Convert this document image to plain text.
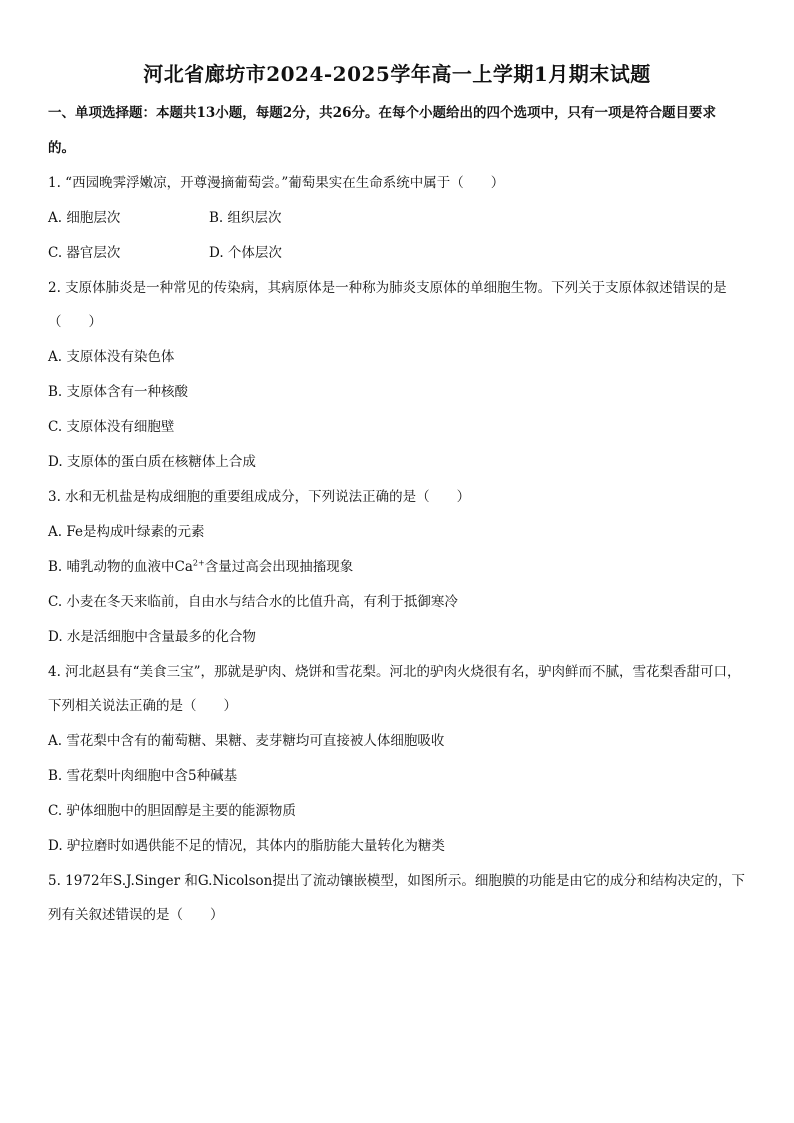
河北省廊坊市2024-2025学年高一上学期1月期末试题
一、单项选择题：本题共13小题，每题2分，共26分。在每个小题给出的四个选项中，只有一项是符合题目要求
的。
1. “西园晚霁浮嫩凉，开尊漫摘葡萄尝。”葡萄果实在生命系统中属于（　　）
A. 细胞层次	B. 组织层次
C. 器官层次	D. 个体层次
2. 支原体肺炎是一种常见的传染病，其病原体是一种称为肺炎支原体的单细胞生物。下列关于支原体叙述错误的是
（　　）
A. 支原体没有染色体
B. 支原体含有一种核酸
C. 支原体没有细胞壁
D. 支原体的蛋白质在核糖体上合成
3. 水和无机盐是构成细胞的重要组成成分，下列说法正确的是（　　）
A. Fe是构成叶绿素的元素
B. 哺乳动物的血液中$Ca^{2+}$含量过高会出现抽搐现象
C. 小麦在冬天来临前，自由水与结合水的比值升高，有利于抵御寒冷
D. 水是活细胞中含量最多的化合物
4. 河北赵县有“美食三宝”，那就是驴肉、烧饼和雪花梨。河北的驴肉火烧很有名，驴肉鲜而不腻，雪花梨香甜可口，
下列相关说法正确的是（　　）
A. 雪花梨中含有的葡萄糖、果糖、麦芽糖均可直接被人体细胞吸收
B. 雪花梨叶肉细胞中含5种碱基
C. 驴体细胞中的胆固醇是主要的能源物质
D. 驴拉磨时如遇供能不足的情况，其体内的脂肪能大量转化为糖类
5. 1972年S.J.Singer 和G.Nicolson提出了流动镶嵌模型，如图所示。细胞膜的功能是由它的成分和结构决定的，下
列有关叙述错误的是（　　）
